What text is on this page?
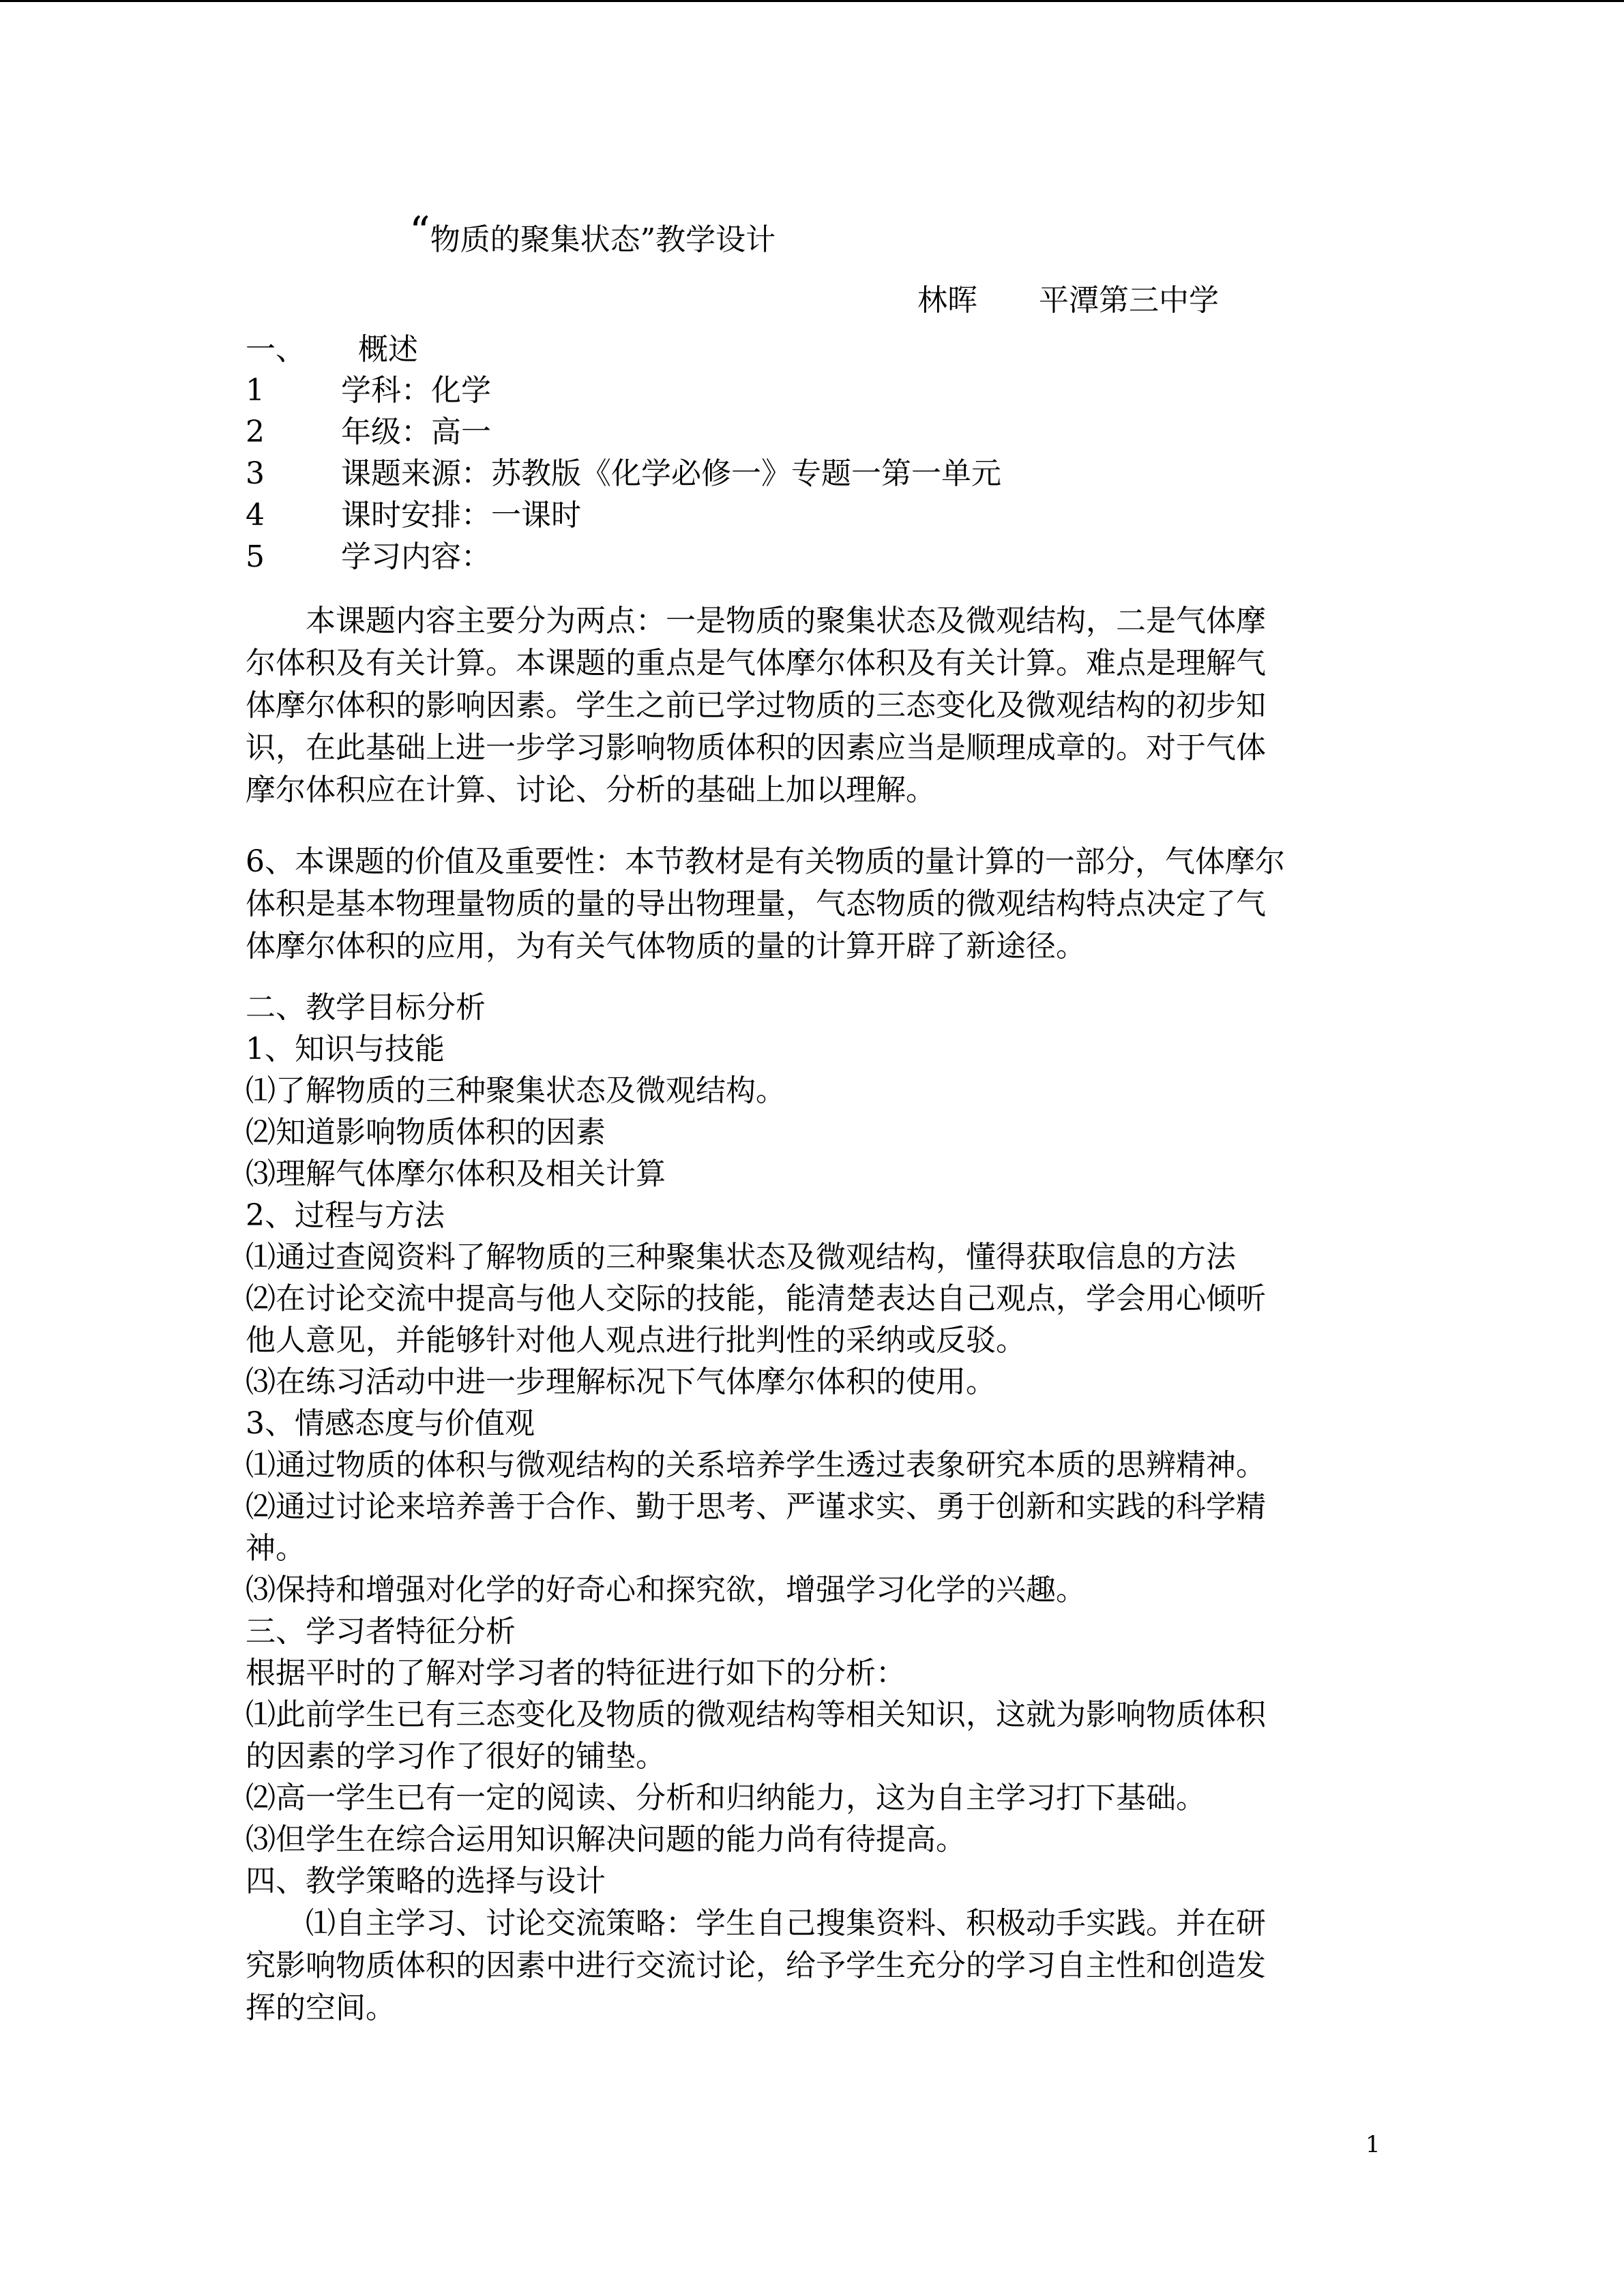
“物质的聚集状态”教学设计
林晖 平潭第三中学
一、 概述
1	学科：化学
2	年级：高一
3	课题来源：苏教版《化学必修一》专题一第一单元
4	课时安排：一课时
5	学习内容：
本课题内容主要分为两点：一是物质的聚集状态及微观结构，二是气体摩
尔体积及有关计算。本课题的重点是气体摩尔体积及有关计算。难点是理解气
体摩尔体积的影响因素。学生之前已学过物质的三态变化及微观结构的初步知
识，在此基础上进一步学习影响物质体积的因素应当是顺理成章的。对于气体
摩尔体积应在计算、讨论、分析的基础上加以理解。
6、本课题的价值及重要性：本节教材是有关物质的量计算的一部分，气体摩尔
体积是基本物理量物质的量的导出物理量，气态物质的微观结构特点决定了气
体摩尔体积的应用，为有关气体物质的量的计算开辟了新途径。
二、教学目标分析
1、知识与技能
⑴了解物质的三种聚集状态及微观结构。
⑵知道影响物质体积的因素
⑶理解气体摩尔体积及相关计算
2、过程与方法
⑴通过查阅资料了解物质的三种聚集状态及微观结构，懂得获取信息的方法
⑵在讨论交流中提高与他人交际的技能，能清楚表达自己观点，学会用心倾听
他人意见，并能够针对他人观点进行批判性的采纳或反驳。
⑶在练习活动中进一步理解标况下气体摩尔体积的使用。
3、情感态度与价值观
⑴通过物质的体积与微观结构的关系培养学生透过表象研究本质的思辨精神。
⑵通过讨论来培养善于合作、勤于思考、严谨求实、勇于创新和实践的科学精
神。
⑶保持和增强对化学的好奇心和探究欲，增强学习化学的兴趣。
三、学习者特征分析
根据平时的了解对学习者的特征进行如下的分析：
⑴此前学生已有三态变化及物质的微观结构等相关知识，这就为影响物质体积
的因素的学习作了很好的铺垫。
⑵高一学生已有一定的阅读、分析和归纳能力，这为自主学习打下基础。
⑶但学生在综合运用知识解决问题的能力尚有待提高。
四、教学策略的选择与设计
⑴自主学习、讨论交流策略：学生自己搜集资料、积极动手实践。并在研
究影响物质体积的因素中进行交流讨论，给予学生充分的学习自主性和创造发
挥的空间。
1
